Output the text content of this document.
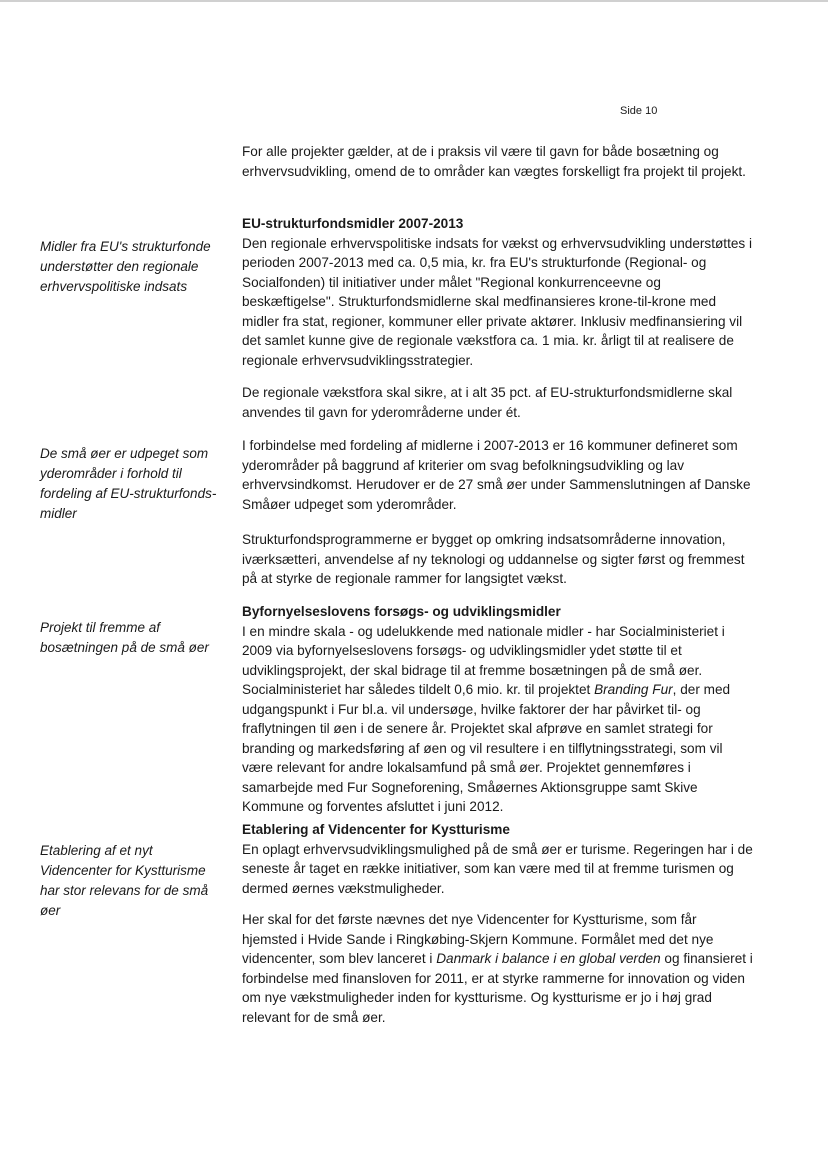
Side 10
Midler fra EU's strukturfonde understøtter den regionale erhvervspolitiske indsats
De små øer er udpeget som yderområder i forhold til fordeling af EU-strukturfonds-midler
Projekt til fremme af bosætningen på de små øer
Etablering af et nyt Videncenter for Kystturisme har stor relevans for de små øer

For alle projekter gælder, at de i praksis vil være til gavn for både bosætning og erhvervsudvikling, omend de to områder kan vægtes forskelligt fra projekt til projekt.

EU-strukturfondsmidler 2007-2013

Den regionale erhvervspolitiske indsats for vækst og erhvervsudvikling understøttes i perioden 2007-2013 med ca. 0,5 mia, kr. fra EU's strukturfonde (Regional- og Socialfonden) til initiativer under målet "Regional konkurrenceevne og beskæftigelse". Strukturfondsmidlerne skal medfinansieres krone-til-krone med midler fra stat, regioner, kommuner eller private aktører. Inklusiv medfinansiering vil det samlet kunne give de regionale vækstfora ca. 1 mia. kr. årligt til at realisere de regionale erhvervsudviklingsstrategier.

De regionale vækstfora skal sikre, at i alt 35 pct. af EU-strukturfondsmidlerne skal anvendes til gavn for yderområderne under ét.

I forbindelse med fordeling af midlerne i 2007-2013 er 16 kommuner defineret som yderområder på baggrund af kriterier om svag befolkningsudvikling og lav erhvervsindkomst. Herudover er de 27 små øer under Sammenslutningen af Danske Småøer udpeget som yderområder.

Strukturfondsprogrammerne er bygget op omkring indsatsområderne innovation, iværksætteri, anvendelse af ny teknologi og uddannelse og sigter først og fremmest på at styrke de regionale rammer for langsigtet vækst.

Byfornyelseslovens forsøgs- og udviklingsmidler

I en mindre skala - og udelukkende med nationale midler - har Socialministeriet i 2009 via byfornyelseslovens forsøgs- og udviklingsmidler ydet støtte til et udviklingsprojekt, der skal bidrage til at fremme bosætningen på de små øer. Socialministeriet har således tildelt 0,6 mio. kr. til projektet Branding Fur, der med udgangspunkt i Fur bl.a. vil undersøge, hvilke faktorer der har påvirket til- og fraflytningen til øen i de senere år. Projektet skal afprøve en samlet strategi for branding og markedsføring af øen og vil resultere i en tilflytningsstrategi, som vil være relevant for andre lokalsamfund på små øer. Projektet gennemføres i samarbejde med Fur Sogneforening, Småøernes Aktionsgruppe samt Skive Kommune og forventes afsluttet i juni 2012.

Etablering af Videncenter for Kystturisme

En oplagt erhvervsudviklingsmulighed på de små øer er turisme. Regeringen har i de seneste år taget en række initiativer, som kan være med til at fremme turismen og dermed øernes vækstmuligheder.

Her skal for det første nævnes det nye Videncenter for Kystturisme, som får hjemsted i Hvide Sande i Ringkøbing-Skjern Kommune. Formålet med det nye videncenter, som blev lanceret i Danmark i balance i en global verden og finansieret i forbindelse med finansloven for 2011, er at styrke rammerne for innovation og viden om nye vækstmuligheder inden for kystturisme. Og kystturisme er jo i høj grad relevant for de små øer.
